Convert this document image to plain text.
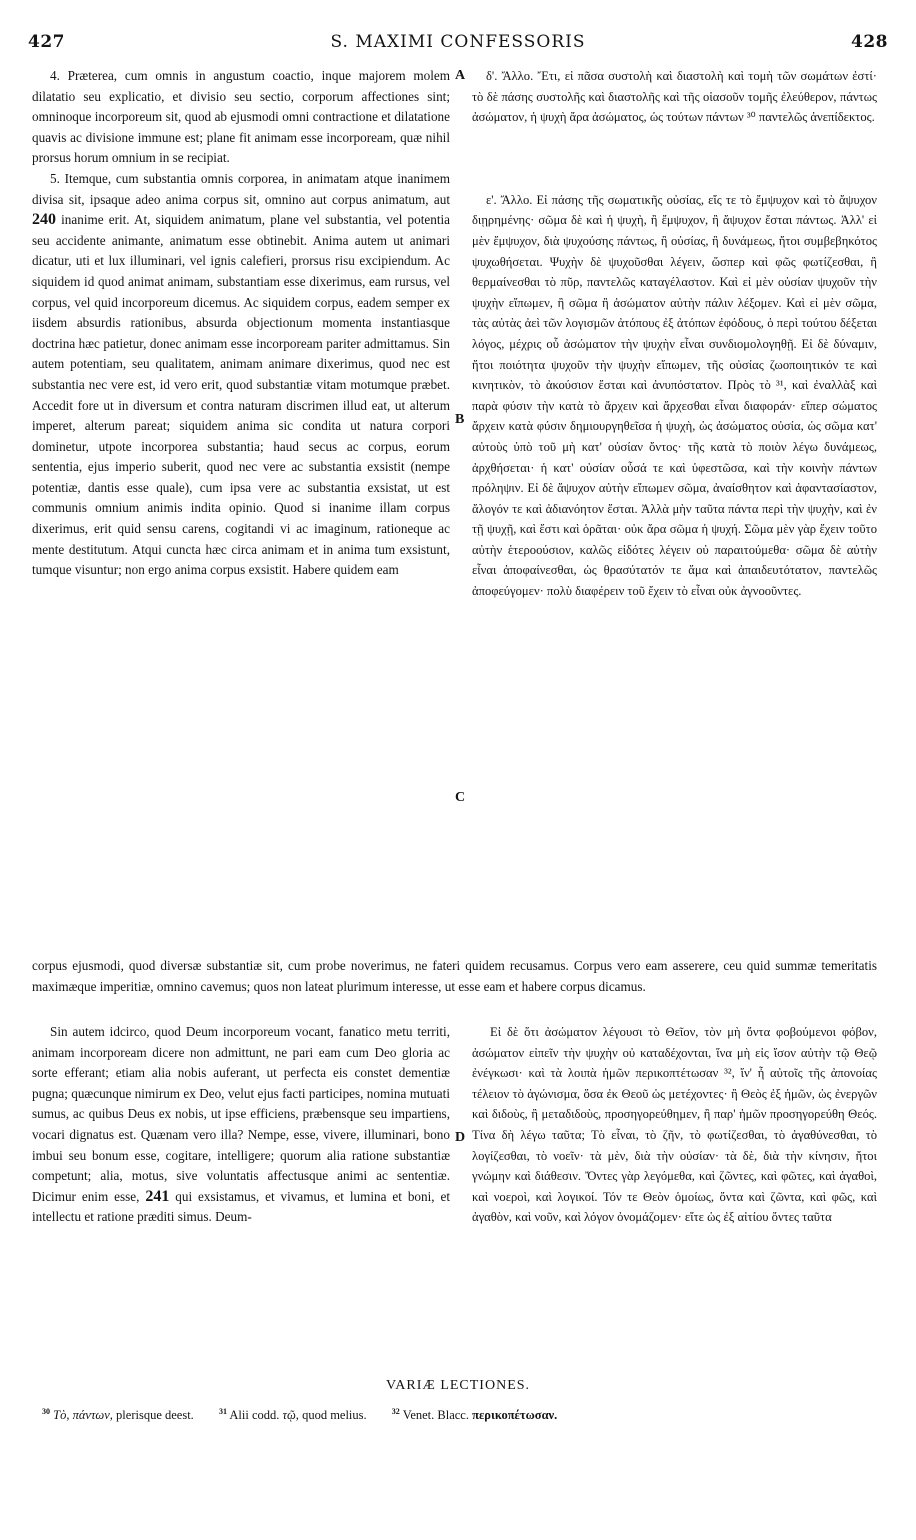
427	S. MAXIMI CONFESSORIS	428
A
B
C
D

4. Præterea, cum omnis in angustum coactio, inque majorem molem dilatatio seu explicatio, et divisio seu sectio, corporum affectiones sint; omninoque incorporeum sit, quod ab ejusmodi omni contractione et dilatatione quavis ac divisione immune est; plane fit animam esse incorpoream, quæ nihil prorsus horum omnium in se recipiat.

5. Itemque, cum substantia omnis corporea, in animatam atque inanimem divisa sit, ipsaque adeo anima corpus sit, omnino aut corpus animatum, aut 240 inanime erit. At, siquidem animatum, plane vel substantia, vel potentia seu accidente animante, animatum esse obtinebit. Anima autem ut animari dicatur, uti et lux illuminari, vel ignis calefieri, prorsus risu excipiendum. Ac siquidem id quod animat animam, substantiam esse dixerimus, eam rursus, vel corpus, vel quid incorporeum dicemus. Ac siquidem corpus, eadem semper ex iisdem absurdis rationibus, absurda objectionum momenta instantiasque doctrina hæc patietur, donec animam esse incorpoream pariter admittamus. Sin autem potentiam, seu qualitatem, animam animare dixerimus, quod nec est substantia nec vere est, id vero erit, quod substantiæ vitam motumque præbet. Accedit fore ut in diversum et contra naturam discrimen illud eat, ut alterum imperet, alterum pareat; siquidem anima sic condita ut natura corpori dominetur, utpote incorporea substantia; haud secus ac corpus, eorum sententia, ejus imperio suberit, quod nec vere ac substantia exsistit (nempe potentiæ, dantis esse quale), cum ipsa vere ac substantia exsistat, ut est communis omnium animis indita opinio. Quod si inanime illam corpus dixerimus, erit quid sensu carens, cogitandi vi ac imaginum, rationeque ac mente destitutum. Atqui cuncta hæc circa animam et in anima tum exsistunt, tumque visuntur; non ergo anima corpus exsistit. Habere quidem eam

δ'. Ἄλλο. Ἔτι, εἰ πᾶσα συστολὴ καὶ διαστολὴ καὶ τομὴ τῶν σωμάτων ἐστί· τὸ δὲ πάσης συστολῆς καὶ διαστολῆς καὶ τῆς οἱασοῦν τομῆς ἐλεύθερον, πάντως ἀσώματον, ἡ ψυχὴ ἄρα ἀσώματος, ὡς τούτων πάντων ³⁰ παντελῶς ἀνεπίδεκτος.

ε'. Ἄλλο. Εἰ πάσης τῆς σωματικῆς οὐσίας, εἴς τε τὸ ἔμψυχον καὶ τὸ ἄψυχον διῃρημένης· σῶμα δὲ καὶ ἡ ψυχὴ, ἢ ἔμψυχον, ἢ ἄψυχον ἔσται πάντως. Ἀλλ' εἰ μὲν ἔμψυχον, διὰ ψυχούσης πάντως, ἢ οὐσίας, ἢ δυνάμεως, ἤτοι συμβεβηκότος ψυχωθήσεται. Ψυχὴν δὲ ψυχοῦσθαι λέγειν, ὥσπερ καὶ φῶς φωτίζεσθαι, ἢ θερμαίνεσθαι τὸ πῦρ, παντελῶς καταγέλαστον. Καὶ εἰ μὲν οὐσίαν ψυχοῦν τὴν ψυχὴν εἴπωμεν, ἢ σῶμα ἢ ἀσώματον αὐτὴν πάλιν λέξομεν. Καὶ εἰ μὲν σῶμα, τὰς αὐτὰς ἀεὶ τῶν λογισμῶν ἀτόπους ἐξ ἀτόπων ἐφόδους, ὁ περὶ τούτου δέξεται λόγος, μέχρις οὗ ἀσώματον τὴν ψυχὴν εἶναι συνδιομολογηθῇ. Εἰ δὲ δύναμιν, ἤτοι ποιότητα ψυχοῦν τὴν ψυχὴν εἴπωμεν, τῆς οὐσίας ζωοποιητικόν τε καὶ κινητικὸν, τὸ ἀκούσιον ἔσται καὶ ἀνυπόστατον. Πρὸς τὸ ³¹, καὶ ἐναλλὰξ καὶ παρὰ φύσιν τὴν κατὰ τὸ ἄρχειν καὶ ἄρχεσθαι εἶναι διαφοράν· εἴπερ σώματος ἄρχειν κατὰ φύσιν δημιουργηθεῖσα ἡ ψυχὴ, ὡς ἀσώματος οὐσία, ὡς σῶμα κατ' αὐτοὺς ὑπὸ τοῦ μὴ κατ' οὐσίαν ὄντος· τῆς κατὰ τὸ ποιὸν λέγω δυνάμεως, ἀρχθήσεται· ἡ κατ' οὐσίαν οὖσά τε καὶ ὑφεστῶσα, καὶ τὴν κοινὴν πάντων πρόληψιν. Εἰ δὲ ἄψυχον αὐτὴν εἴπωμεν σῶμα, ἀναίσθητον καὶ ἀφαντασίαστον, ἄλογόν τε καὶ ἀδιανόητον ἔσται. Ἀλλὰ μὴν ταῦτα πάντα περὶ τὴν ψυχὴν, καὶ ἐν τῇ ψυχῇ, καὶ ἔστι καὶ ὁρᾶται· οὐκ ἄρα σῶμα ἡ ψυχή. Σῶμα μὲν γὰρ ἔχειν τοῦτο αὐτὴν ἑτεροούσιον, καλῶς εἰδότες λέγειν οὐ παραιτούμεθα· σῶμα δὲ αὐτὴν εἶναι ἀποφαίνεσθαι, ὡς θρασύτατόν τε ἅμα καὶ ἀπαιδευτότατον, παντελῶς ἀποφεύγομεν· πολὺ διαφέρειν τοῦ ἔχειν τὸ εἶναι οὐκ ἀγνοοῦντες.

corpus ejusmodi, quod diversæ substantiæ sit, cum probe noverimus, ne fateri quidem recusamus. Corpus vero eam asserere, ceu quid summæ temeritatis maximæque imperitiæ, omnino cavemus; quos non lateat plurimum interesse, ut esse eam et habere corpus dicamus.

Sin autem idcirco, quod Deum incorporeum vocant, fanatico metu territi, animam incorpoream dicere non admittunt, ne pari eam cum Deo gloria ac sorte efferant; etiam alia nobis auferant, ut perfecta eis constet dementiæ pugna; quæcunque nimirum ex Deo, velut ejus facti participes, nomina mutuati sumus, ac quibus Deus ex nobis, ut ipse efficiens, præbensque seu impartiens, vocari dignatus est. Quænam vero illa? Nempe, esse, vivere, illuminari, bono imbui seu bonum esse, cogitare, intelligere; quorum alia ratione substantiæ competunt; alia, motus, sive voluntatis affectusque animi ac sententiæ. Dicimur enim esse, 241 qui exsistamus, et vivamus, et lumina et boni, et intellectu et ratione præditi simus. Deum-

Εἰ δὲ ὅτι ἀσώματον λέγουσι τὸ Θεῖον, τὸν μὴ ὄντα φοβούμενοι φόβον, ἀσώματον εἰπεῖν τὴν ψυχὴν οὐ καταδέχονται, ἵνα μὴ εἰς ἴσον αὐτὴν τῷ Θεῷ ἐνέγκωσι· καὶ τὰ λοιπὰ ἡμῶν περικοπτέτωσαν ³², ἵν' ἦ αὐτοῖς τῆς ἀπονοίας τέλειον τὸ ἀγώνισμα, ὅσα ἐκ Θεοῦ ὡς μετέχοντες· ἢ Θεὸς ἐξ ἡμῶν, ὡς ἐνεργῶν καὶ διδοὺς, ἢ μεταδιδοὺς, προσηγορεύθημεν, ἢ παρ' ἡμῶν προσηγορεύθη Θεός. Τίνα δὴ λέγω ταῦτα; Τὸ εἶναι, τὸ ζῆν, τὸ φωτίζεσθαι, τὸ ἀγαθύνεσθαι, τὸ λογίζεσθαι, τὸ νοεῖν· τὰ μὲν, διὰ τὴν οὐσίαν· τὰ δὲ, διὰ τὴν κίνησιν, ἤτοι γνώμην καὶ διάθεσιν. Ὄντες γὰρ λεγόμεθα, καὶ ζῶντες, καὶ φῶτες, καὶ ἀγαθοὶ, καὶ νοεροὶ, καὶ λογικοί. Τόν τε Θεὸν ὁμοίως, ὄντα καὶ ζῶντα, καὶ φῶς, καὶ ἀγαθὸν, καὶ νοῦν, καὶ λόγον ὀνομάζομεν· εἴτε ὡς ἐξ αἰτίου ὄντες ταῦτα

VARIÆ LECTIONES.
$^{30}$ Τὸ, πάντων, plerisque deest.	$^{31}$ Alii codd. τῷ, quod melius.	$^{32}$ Venet. Blacc. περικοπέτωσαν.
